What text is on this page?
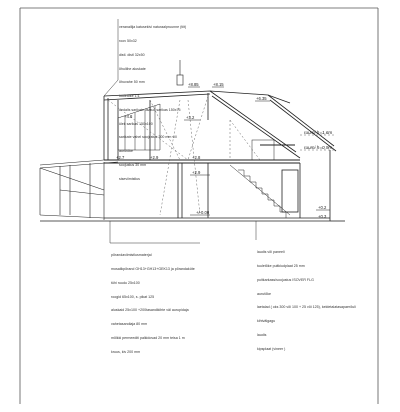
+8.85	+8.15
+6.35
+3.2
+2.8
+2.9
+2.9
+2.7
+0.2
+0.3
+/-0.00
+4.8
ruumi h=1,6m
ruumi h=0,9m

veranailija katusekivi naturaalpruunne (tiit)

roov 50x32

distl. distl 32x50

õhuliihe aluskate

õhuvahe 50 mm

tuuletõke 1:1

dedalis sarikate lisatud sarikas 150x75

ülek sarikas 150x100

sarikate vahel soojustus 200 mm vill

aurutõke

soojustus 30 mm

siseviimistlus

põrandaviimistlusmaterjal

mosaiikpõrand GH13+GH13+GEK13 ja põrandaküte

tühi ruudu 25x100

roogid 65x100, s. pikat 125

aluskaid 25x100 +200tasandikihte väl aurupidaja

vahetasandiaja 80 mm

mõlkki permeediti palkidovad 20 mm teisa 1 m

kruus, kiv 200 mm

laudis või paneeli

tuuletõke puitkiudplaat 25 mm

puitkarkass/soojustus ISOVER FLG

aurutõke

laetalad ( oks 300 või 100 + 25 või 125), keldetalatasapaerõuli

kihtvälgagu

laudis

kipsplaat (vineer )
